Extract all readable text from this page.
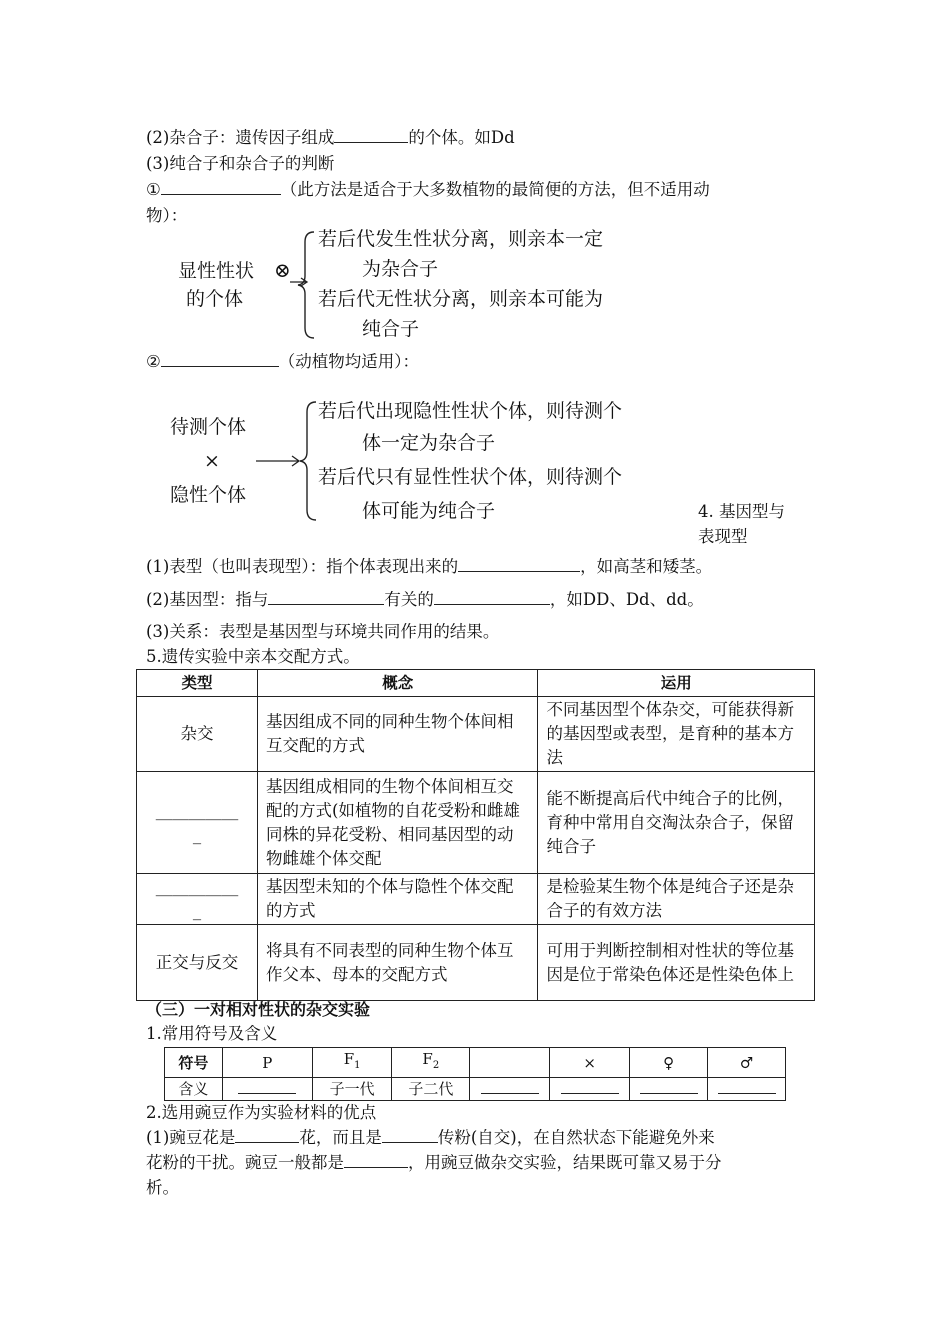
(2)杂合子：遗传因子组成	的个体。如Dd
(3)纯合子和杂合子的判断
①	（此方法是适合于大多数植物的最简便的方法，但不适用动
物）：
显性性状
的个体
⊗
若后代发生性状分离，则亲本一定
为杂合子
若后代无性状分离，则亲本可能为
纯合子
②	（动植物均适用）：
待测个体
×
隐性个体
若后代出现隐性性状个体，则待测个
体一定为杂合子
若后代只有显性性状个体，则待测个
体可能为纯合子	4. 基因型与
表现型
(1)表型（也叫表现型）：指个体表现出来的	，如高茎和矮茎。
(2)基因型：指与	有关的	，如DD、Dd、dd。
(3)关系：表型是基因型与环境共同作用的结果。
5.遗传实验中亲本交配方式。
类型	概念	运用
杂交	基因组成不同的同种生物个体间相互交配的方式	不同基因型个体杂交，可能获得新的基因型或表型，是育种的基本方法
__________
_	基因组成相同的生物个体间相互交配的方式(如植物的自花受粉和雌雄同株的异花受粉、相同基因型的动物雌雄个体交配	能不断提高后代中纯合子的比例，育种中常用自交淘汰杂合子，保留纯合子
__________
_	基因型未知的个体与隐性个体交配的方式	是检验某生物个体是纯合子还是杂合子的有效方法
正交与反交	将具有不同表型的同种生物个体互作父本、母本的交配方式	可用于判断控制相对性状的等位基因是位于常染色体还是性染色体上
（三）一对相对性状的杂交实验
1.常用符号及含义
符号	P	$F_1$	$F_2$		×	♀	♂
含义		子一代	子二代				
2.选用豌豆作为实验材料的优点
(1)豌豆花是	花，而且是	传粉(自交)，在自然状态下能避免外来
花粉的干扰。豌豆一般都是	，用豌豆做杂交实验，结果既可靠又易于分
析。
